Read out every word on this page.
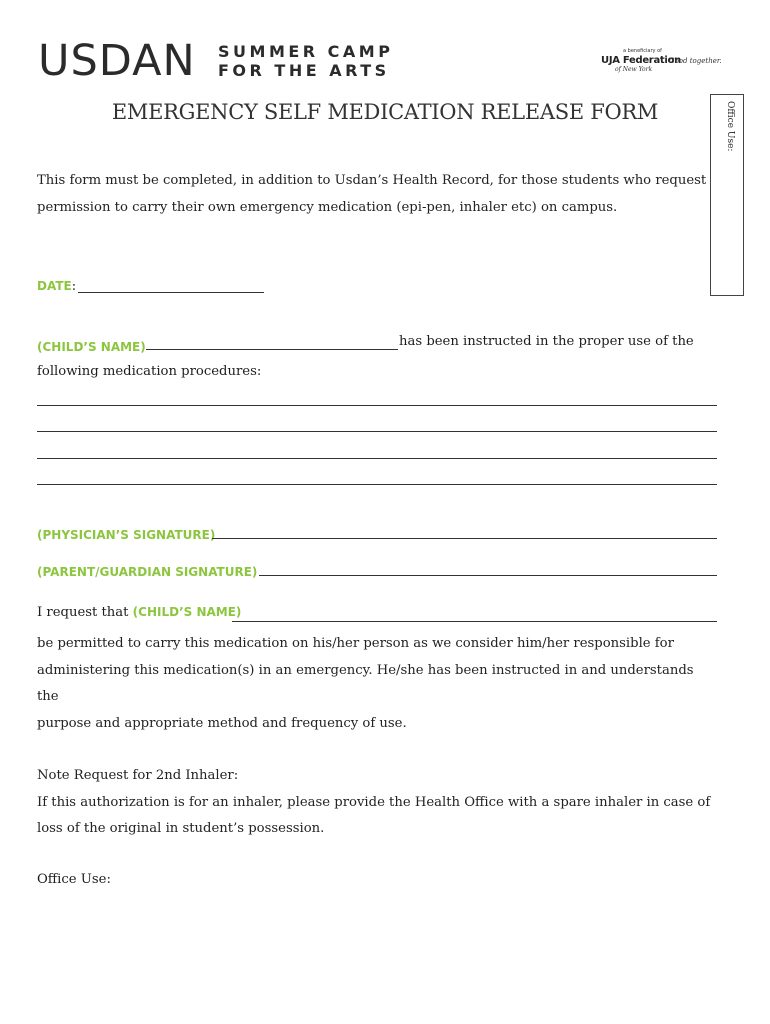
USDAN SUMMER CAMP
FOR THE ARTS
a beneficiary of
UJA Federation
Good together.
of New York
EMERGENCY SELF MEDICATION RELEASE FORM	Office Use:
This form must be completed, in addition to Usdan’s Health Record, for those students who request
permission to carry their own emergency medication (epi-pen, inhaler etc) on campus.
DATE:
(CHILD’S NAME)	has been instructed in the proper use of the
following medication procedures:
(PHYSICIAN’S SIGNATURE)
(PARENT/GUARDIAN SIGNATURE)
I request that (CHILD’S NAME)
be permitted to carry this medication on his/her person as we consider him/her responsible for
administering this medication(s) in an emergency. He/she has been instructed in and understands the
purpose and appropriate method and frequency of use.
Note Request for 2nd Inhaler:
If this authorization is for an inhaler, please provide the Health Office with a spare inhaler in case of
loss of the original in student’s possession.
Office Use:
